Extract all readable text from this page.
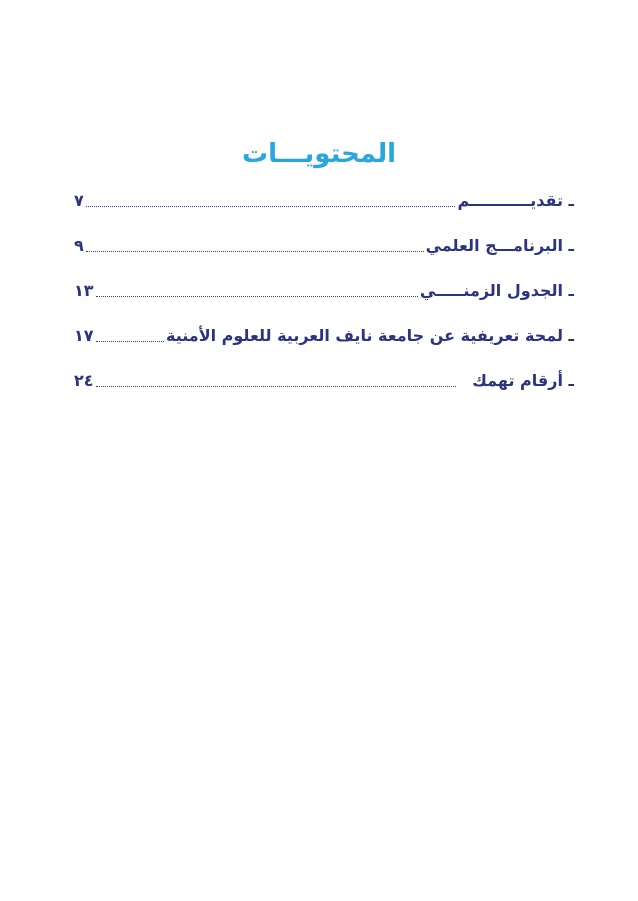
المحتويـــات
ـ تقديـــــــــــم
٧
ـ البرنامـــج العلمي
٩
ـ الجدول الزمنـــــي
١٣
ـ لمحة تعريفية عن جامعة نايف العربية للعلوم الأمنية
١٧
ـ أرقام تهمك
٢٤
